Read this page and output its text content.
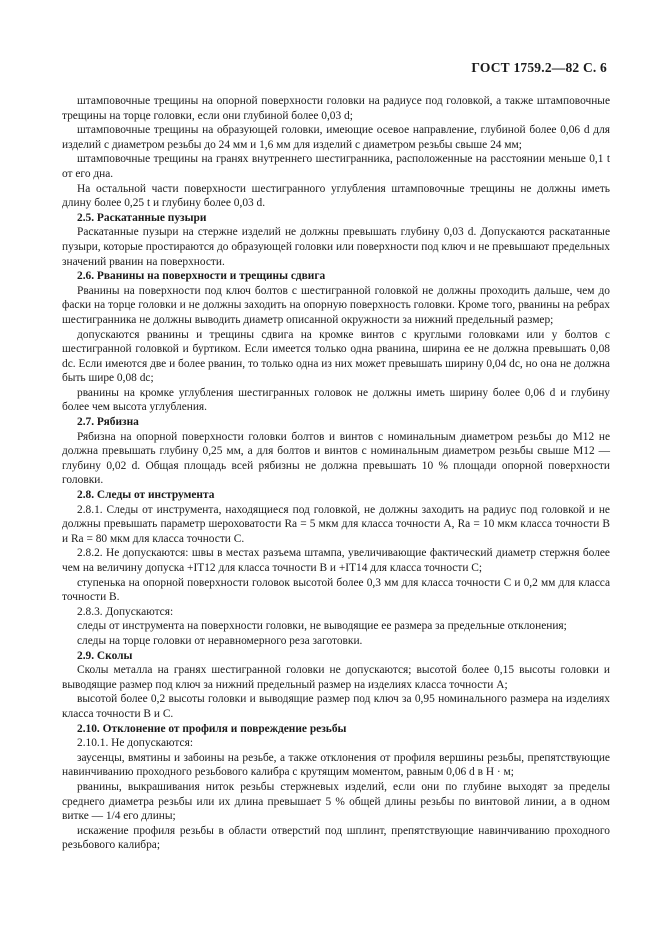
ГОСТ 1759.2—82 С. 6

штамповочные трещины на опорной поверхности головки на радиусе под головкой, а также штамповочные трещины на торце головки, если они глубиной более 0,03 d;

штамповочные трещины на образующей головки, имеющие осевое направление, глубиной более 0,06 d для изделий с диаметром резьбы до 24 мм и 1,6 мм для изделий с диаметром резьбы свыше 24 мм;

штамповочные трещины на гранях внутреннего шестигранника, расположенные на расстоянии меньше 0,1 t от его дна.

На остальной части поверхности шестигранного углубления штамповочные трещины не должны иметь длину более 0,25 t и глубину более 0,03 d.

2.5. Раскатанные пузыри

Раскатанные пузыри на стержне изделий не должны превышать глубину 0,03 d. Допускаются раскатанные пузыри, которые простираются до образующей головки или поверхности под ключ и не превышают предельных значений рванин на поверхности.

2.6. Рванины на поверхности и трещины сдвига

Рванины на поверхности под ключ болтов с шестигранной головкой не должны проходить дальше, чем до фаски на торце головки и не должны заходить на опорную поверхность головки. Кроме того, рванины на ребрах шестигранника не должны выводить диаметр описанной окружности за нижний предельный размер;

допускаются рванины и трещины сдвига на кромке винтов с круглыми головками или у болтов с шестигранной головкой и буртиком. Если имеется только одна рванина, ширина ее не должна превышать 0,08 dc. Если имеются две и более рванин, то только одна из них может превышать ширину 0,04 dc, но она не должна быть шире 0,08 dc;

рванины на кромке углубления шестигранных головок не должны иметь ширину более 0,06 d и глубину более чем высота углубления.

2.7. Рябизна

Рябизна на опорной поверхности головки болтов и винтов с номинальным диаметром резьбы до М12 не должна превышать глубину 0,25 мм, а для болтов и винтов с номинальным диаметром резьбы свыше М12 — глубину 0,02 d. Общая площадь всей рябизны не должна превышать 10 % площади опорной поверхности головки.

2.8. Следы от инструмента

2.8.1. Следы от инструмента, находящиеся под головкой, не должны заходить на радиус под головкой и не должны превышать параметр шероховатости Ra = 5 мкм для класса точности А, Ra = 10 мкм класса точности В и Ra = 80 мкм для класса точности С.

2.8.2. Не допускаются: швы в местах разъема штампа, увеличивающие фактический диаметр стержня более чем на величину допуска +IT12 для класса точности В и +IT14 для класса точности С;

ступенька на опорной поверхности головок высотой более 0,3 мм для класса точности С и 0,2 мм для класса точности В.

2.8.3. Допускаются:

следы от инструмента на поверхности головки, не выводящие ее размера за предельные отклонения;

следы на торце головки от неравномерного реза заготовки.

2.9. Сколы

Сколы металла на гранях шестигранной головки не допускаются; высотой более 0,15 высоты головки и выводящие размер под ключ за нижний предельный размер на изделиях класса точности А;

высотой более 0,2 высоты головки и выводящие размер под ключ за 0,95 номинального размера на изделиях класса точности В и С.

2.10. Отклонение от профиля и повреждение резьбы

2.10.1. Не допускаются:

заусенцы, вмятины и забоины на резьбе, а также отклонения от профиля вершины резьбы, препятствующие навинчиванию проходного резьбового калибра с крутящим моментом, равным 0,06 d в Н · м;

рванины, выкрашивания ниток резьбы стержневых изделий, если они по глубине выходят за пределы среднего диаметра резьбы или их длина превышает 5 % общей длины резьбы по винтовой линии, а в одном витке — 1/4 его длины;

искажение профиля резьбы в области отверстий под шплинт, препятствующие навинчиванию проходного резьбового калибра;
